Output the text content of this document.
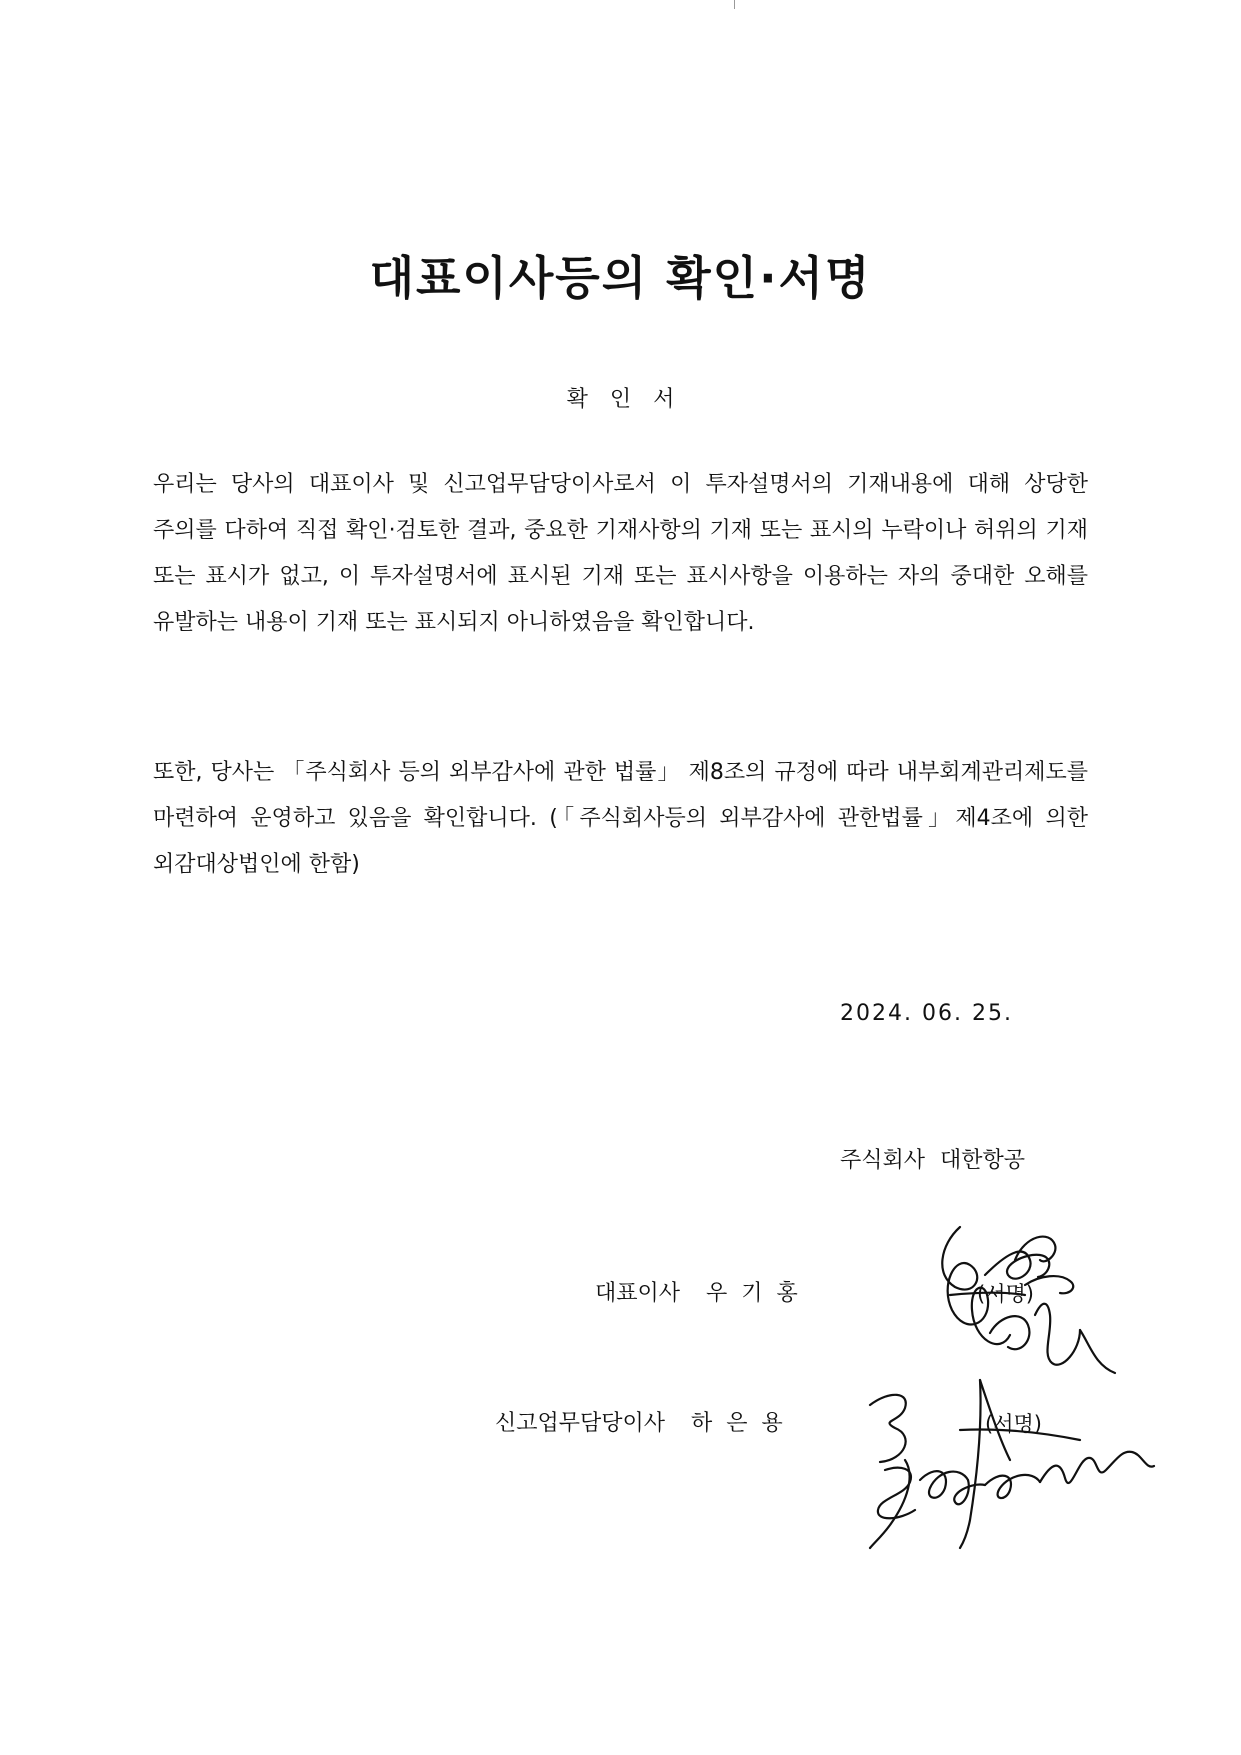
대표이사등의 확인·서명
확인서

우리는 당사의 대표이사 및 신고업무담당이사로서 이 투자설명서의 기재내용에 대해 상당한 주의를 다하여 직접 확인·검토한 결과, 중요한 기재사항의 기재 또는 표시의 누락이나 허위의 기재 또는 표시가 없고, 이 투자설명서에 표시된 기재 또는 표시사항을 이용하는 자의 중대한 오해를 유발하는 내용이 기재 또는 표시되지 아니하였음을 확인합니다.

또한, 당사는 「주식회사 등의 외부감사에 관한 법률」 제8조의 규정에 따라 내부회계관리제도를 마련하여 운영하고 있음을 확인합니다. (「주식회사등의 외부감사에 관한법률」제4조에 의한 외감대상법인에 한함)

2024. 06. 25.
주식회사 대한항공
대표이사 우기홍	(서명)
신고업무담당이사 하은용	(서명)
